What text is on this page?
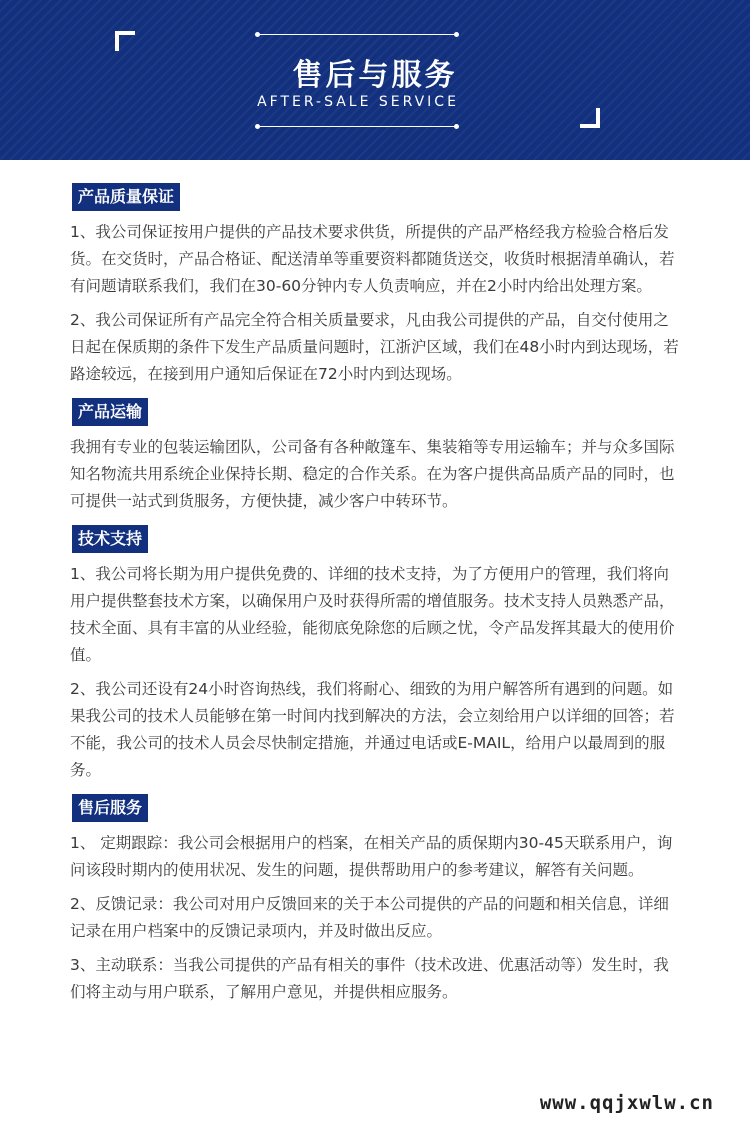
售后与服务
AFTER-SALE SERVICE
产品质量保证

1、我公司保证按用户提供的产品技术要求供货，所提供的产品严格经我方检验合格后发货。在交货时，产品合格证、配送清单等重要资料都随货送交，收货时根据清单确认，若有问题请联系我们，我们在30-60分钟内专人负责响应，并在2小时内给出处理方案。

2、我公司保证所有产品完全符合相关质量要求，凡由我公司提供的产品，自交付使用之日起在保质期的条件下发生产品质量问题时，江浙沪区域，我们在48小时内到达现场，若路途较远，在接到用户通知后保证在72小时内到达现场。

产品运输

我拥有专业的包装运输团队，公司备有各种敞篷车、集装箱等专用运输车；并与众多国际知名物流共用系统企业保持长期、稳定的合作关系。在为客户提供高品质产品的同时，也可提供一站式到货服务，方便快捷，减少客户中转环节。

技术支持

1、我公司将长期为用户提供免费的、详细的技术支持，为了方便用户的管理，我们将向用户提供整套技术方案，以确保用户及时获得所需的增值服务。技术支持人员熟悉产品，技术全面、具有丰富的从业经验，能彻底免除您的后顾之忧，令产品发挥其最大的使用价值。

2、我公司还设有24小时咨询热线，我们将耐心、细致的为用户解答所有遇到的问题。如果我公司的技术人员能够在第一时间内找到解决的方法，会立刻给用户以详细的回答；若不能，我公司的技术人员会尽快制定措施，并通过电话或E-MAIL，给用户以最周到的服务。

售后服务

1、 定期跟踪：我公司会根据用户的档案，在相关产品的质保期内30-45天联系用户，询问该段时期内的使用状况、发生的问题，提供帮助用户的参考建议，解答有关问题。

2、反馈记录：我公司对用户反馈回来的关于本公司提供的产品的问题和相关信息，详细记录在用户档案中的反馈记录项内，并及时做出反应。

3、主动联系：当我公司提供的产品有相关的事件（技术改进、优惠活动等）发生时，我们将主动与用户联系，了解用户意见，并提供相应服务。

www.qqjxwlw.cn
